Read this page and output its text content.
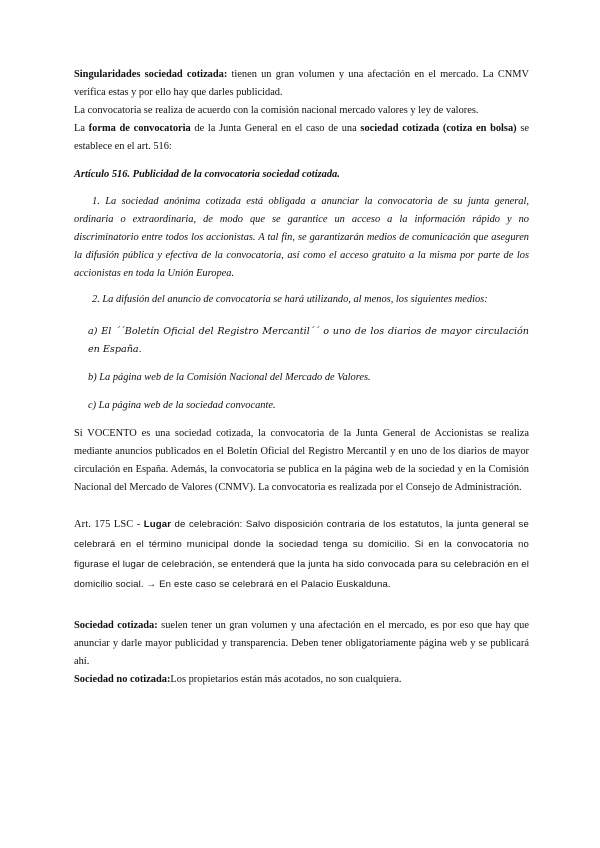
Singularidades sociedad cotizada: tienen un gran volumen y una afectación en el mercado. La CNMV verifica estas y por ello hay que darles publicidad.

La convocatoria se realiza de acuerdo con la comisión nacional mercado valores y ley de valores.

La forma de convocatoria de la Junta General en el caso de una sociedad cotizada (cotiza en bolsa) se establece en el art. 516:

Artículo 516. Publicidad de la convocatoria sociedad cotizada.

1. La sociedad anónima cotizada está obligada a anunciar la convocatoria de su junta general, ordinaria o extraordinaria, de modo que se garantice un acceso a la información rápido y no discriminatorio entre todos los accionistas. A tal fin, se garantizarán medios de comunicación que aseguren la difusión pública y efectiva de la convocatoria, así como el acceso gratuito a la misma por parte de los accionistas en toda la Unión Europea.

2. La difusión del anuncio de convocatoria se hará utilizando, al menos, los siguientes medios:

a) El ´´Boletín Oficial del Registro Mercantil´´ o uno de los diarios de mayor circulación en España.

b) La página web de la Comisión Nacional del Mercado de Valores.

c) La página web de la sociedad convocante.

Si VOCENTO es una sociedad cotizada, la convocatoria de la Junta General de Accionistas se realiza mediante anuncios publicados en el Boletín Oficial del Registro Mercantil y en uno de los diarios de mayor circulación en España. Además, la convocatoria se publica en la página web de la sociedad y en la Comisión Nacional del Mercado de Valores (CNMV). La convocatoria es realizada por el Consejo de Administración.

Art. 175 LSC - Lugar de celebración: Salvo disposición contraria de los estatutos, la junta general se celebrará en el término municipal donde la sociedad tenga su domicilio. Si en la convocatoria no figurase el lugar de celebración, se entenderá que la junta ha sido convocada para su celebración en el domicilio social. → En este caso se celebrará en el Palacio Euskalduna.

Sociedad cotizada: suelen tener un gran volumen y una afectación en el mercado, es por eso que hay que anunciar y darle mayor publicidad y transparencia. Deben tener obligatoriamente página web y se publicará ahí.

Sociedad no cotizada:Los propietarios están más acotados, no son cualquiera.
